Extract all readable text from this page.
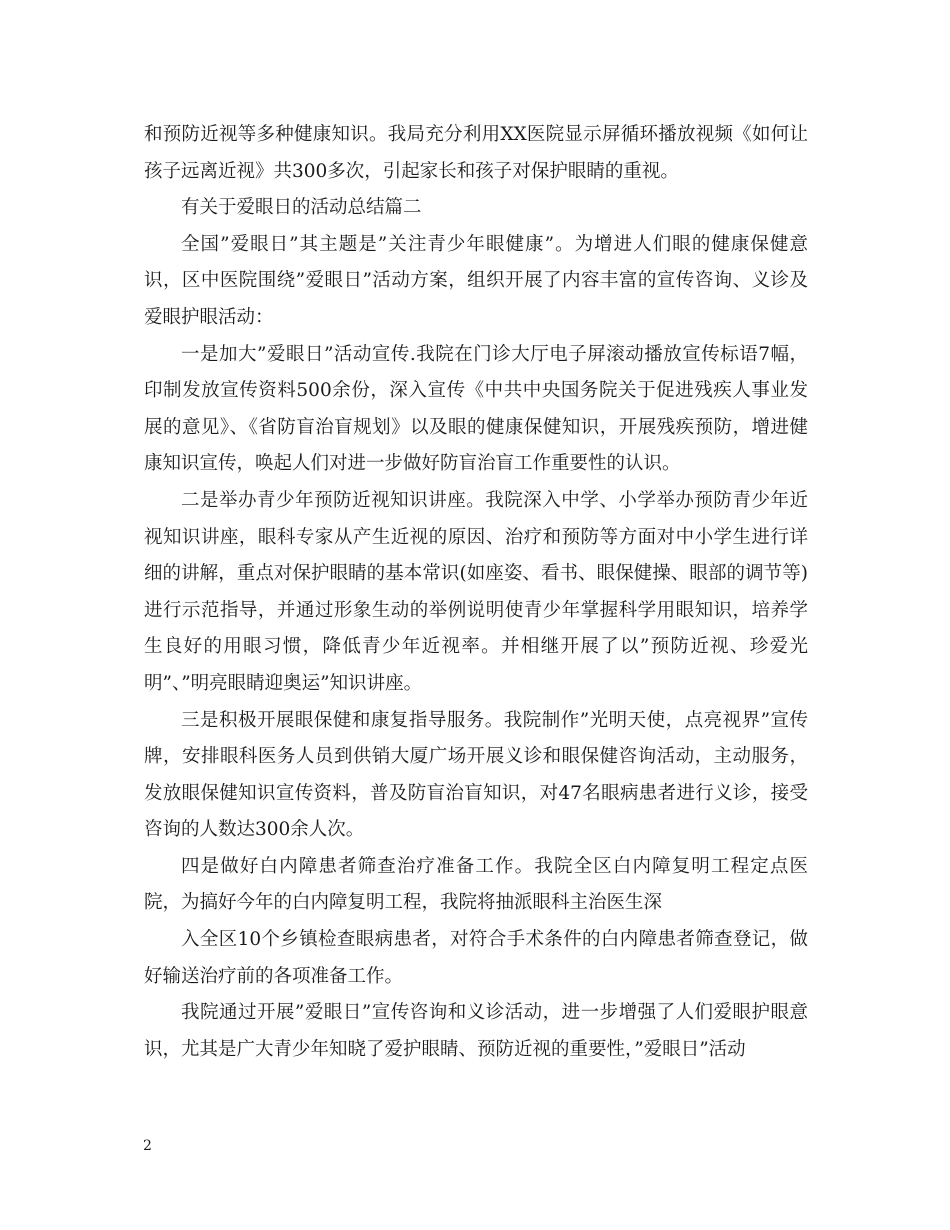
和预防近视等多种健康知识。我局充分利用XX医院显示屏循环播放视频《如何让孩子远离近视》共300多次，引起家长和孩子对保护眼睛的重视。

有关于爱眼日的活动总结篇二

全国”爱眼日”其主题是”关注青少年眼健康”。为增进人们眼的健康保健意识，区中医院围绕”爱眼日”活动方案，组织开展了内容丰富的宣传咨询、义诊及爱眼护眼活动：

一是加大”爱眼日”活动宣传.我院在门诊大厅电子屏滚动播放宣传标语7幅，印制发放宣传资料500余份，深入宣传《中共中央国务院关于促进残疾人事业发展的意见》、《省防盲治盲规划》以及眼的健康保健知识，开展残疾预防，增进健康知识宣传，唤起人们对进一步做好防盲治盲工作重要性的认识。

二是举办青少年预防近视知识讲座。我院深入中学、小学举办预防青少年近视知识讲座，眼科专家从产生近视的原因、治疗和预防等方面对中小学生进行详细的讲解，重点对保护眼睛的基本常识(如座姿、看书、眼保健操、眼部的调节等)进行示范指导，并通过形象生动的举例说明使青少年掌握科学用眼知识，培养学生良好的用眼习惯，降低青少年近视率。并相继开展了以”预防近视、珍爱光明”、”明亮眼睛迎奥运”知识讲座。

三是积极开展眼保健和康复指导服务。我院制作”光明天使，点亮视界”宣传牌，安排眼科医务人员到供销大厦广场开展义诊和眼保健咨询活动，主动服务，发放眼保健知识宣传资料，普及防盲治盲知识，对47名眼病患者进行义诊，接受咨询的人数达300余人次。

四是做好白内障患者筛查治疗准备工作。我院全区白内障复明工程定点医院，为搞好今年的白内障复明工程，我院将抽派眼科主治医生深

入全区10个乡镇检查眼病患者，对符合手术条件的白内障患者筛查登记，做好输送治疗前的各项准备工作。

我院通过开展”爱眼日”宣传咨询和义诊活动，进一步增强了人们爱眼护眼意识，尤其是广大青少年知晓了爱护眼睛、预防近视的重要性，”爱眼日”活动

2
